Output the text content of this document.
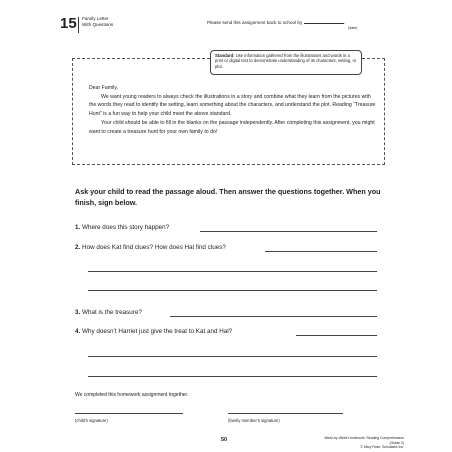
15 Family Letter
With Questions	Please send this assignment back to school by	.
(date)
Standard: Use information gathered from the illustrations and words in a print or digital text to demonstrate understanding of its characters, setting, or plot.

Dear Family,

We want young readers to always check the illustrations in a story and combine what they learn from the pictures with the words they read to identify the setting, learn something about the characters, and understand the plot. Reading “Treasure Hunt” is a fun way to help your child meet the above standard.

Your child should be able to fill in the blanks on the passage independently. After completing this assignment, you might want to create a treasure hunt for your own family to do!

Ask your child to read the passage aloud. Then answer the questions together. When you finish, sign below.
1. Where does this story happen?
2. How does Kat find clues? How does Hal find clues?
3. What is the treasure?
4. Why doesn’t Harriet just give the treat to Kat and Hal?
We completed this homework assignment together.
(child’s signature)	(family member’s signature)
50	Week-by-Week Homework: Reading Comprehension (Grade 2)
© Mary Rose, Scholastic Inc.
